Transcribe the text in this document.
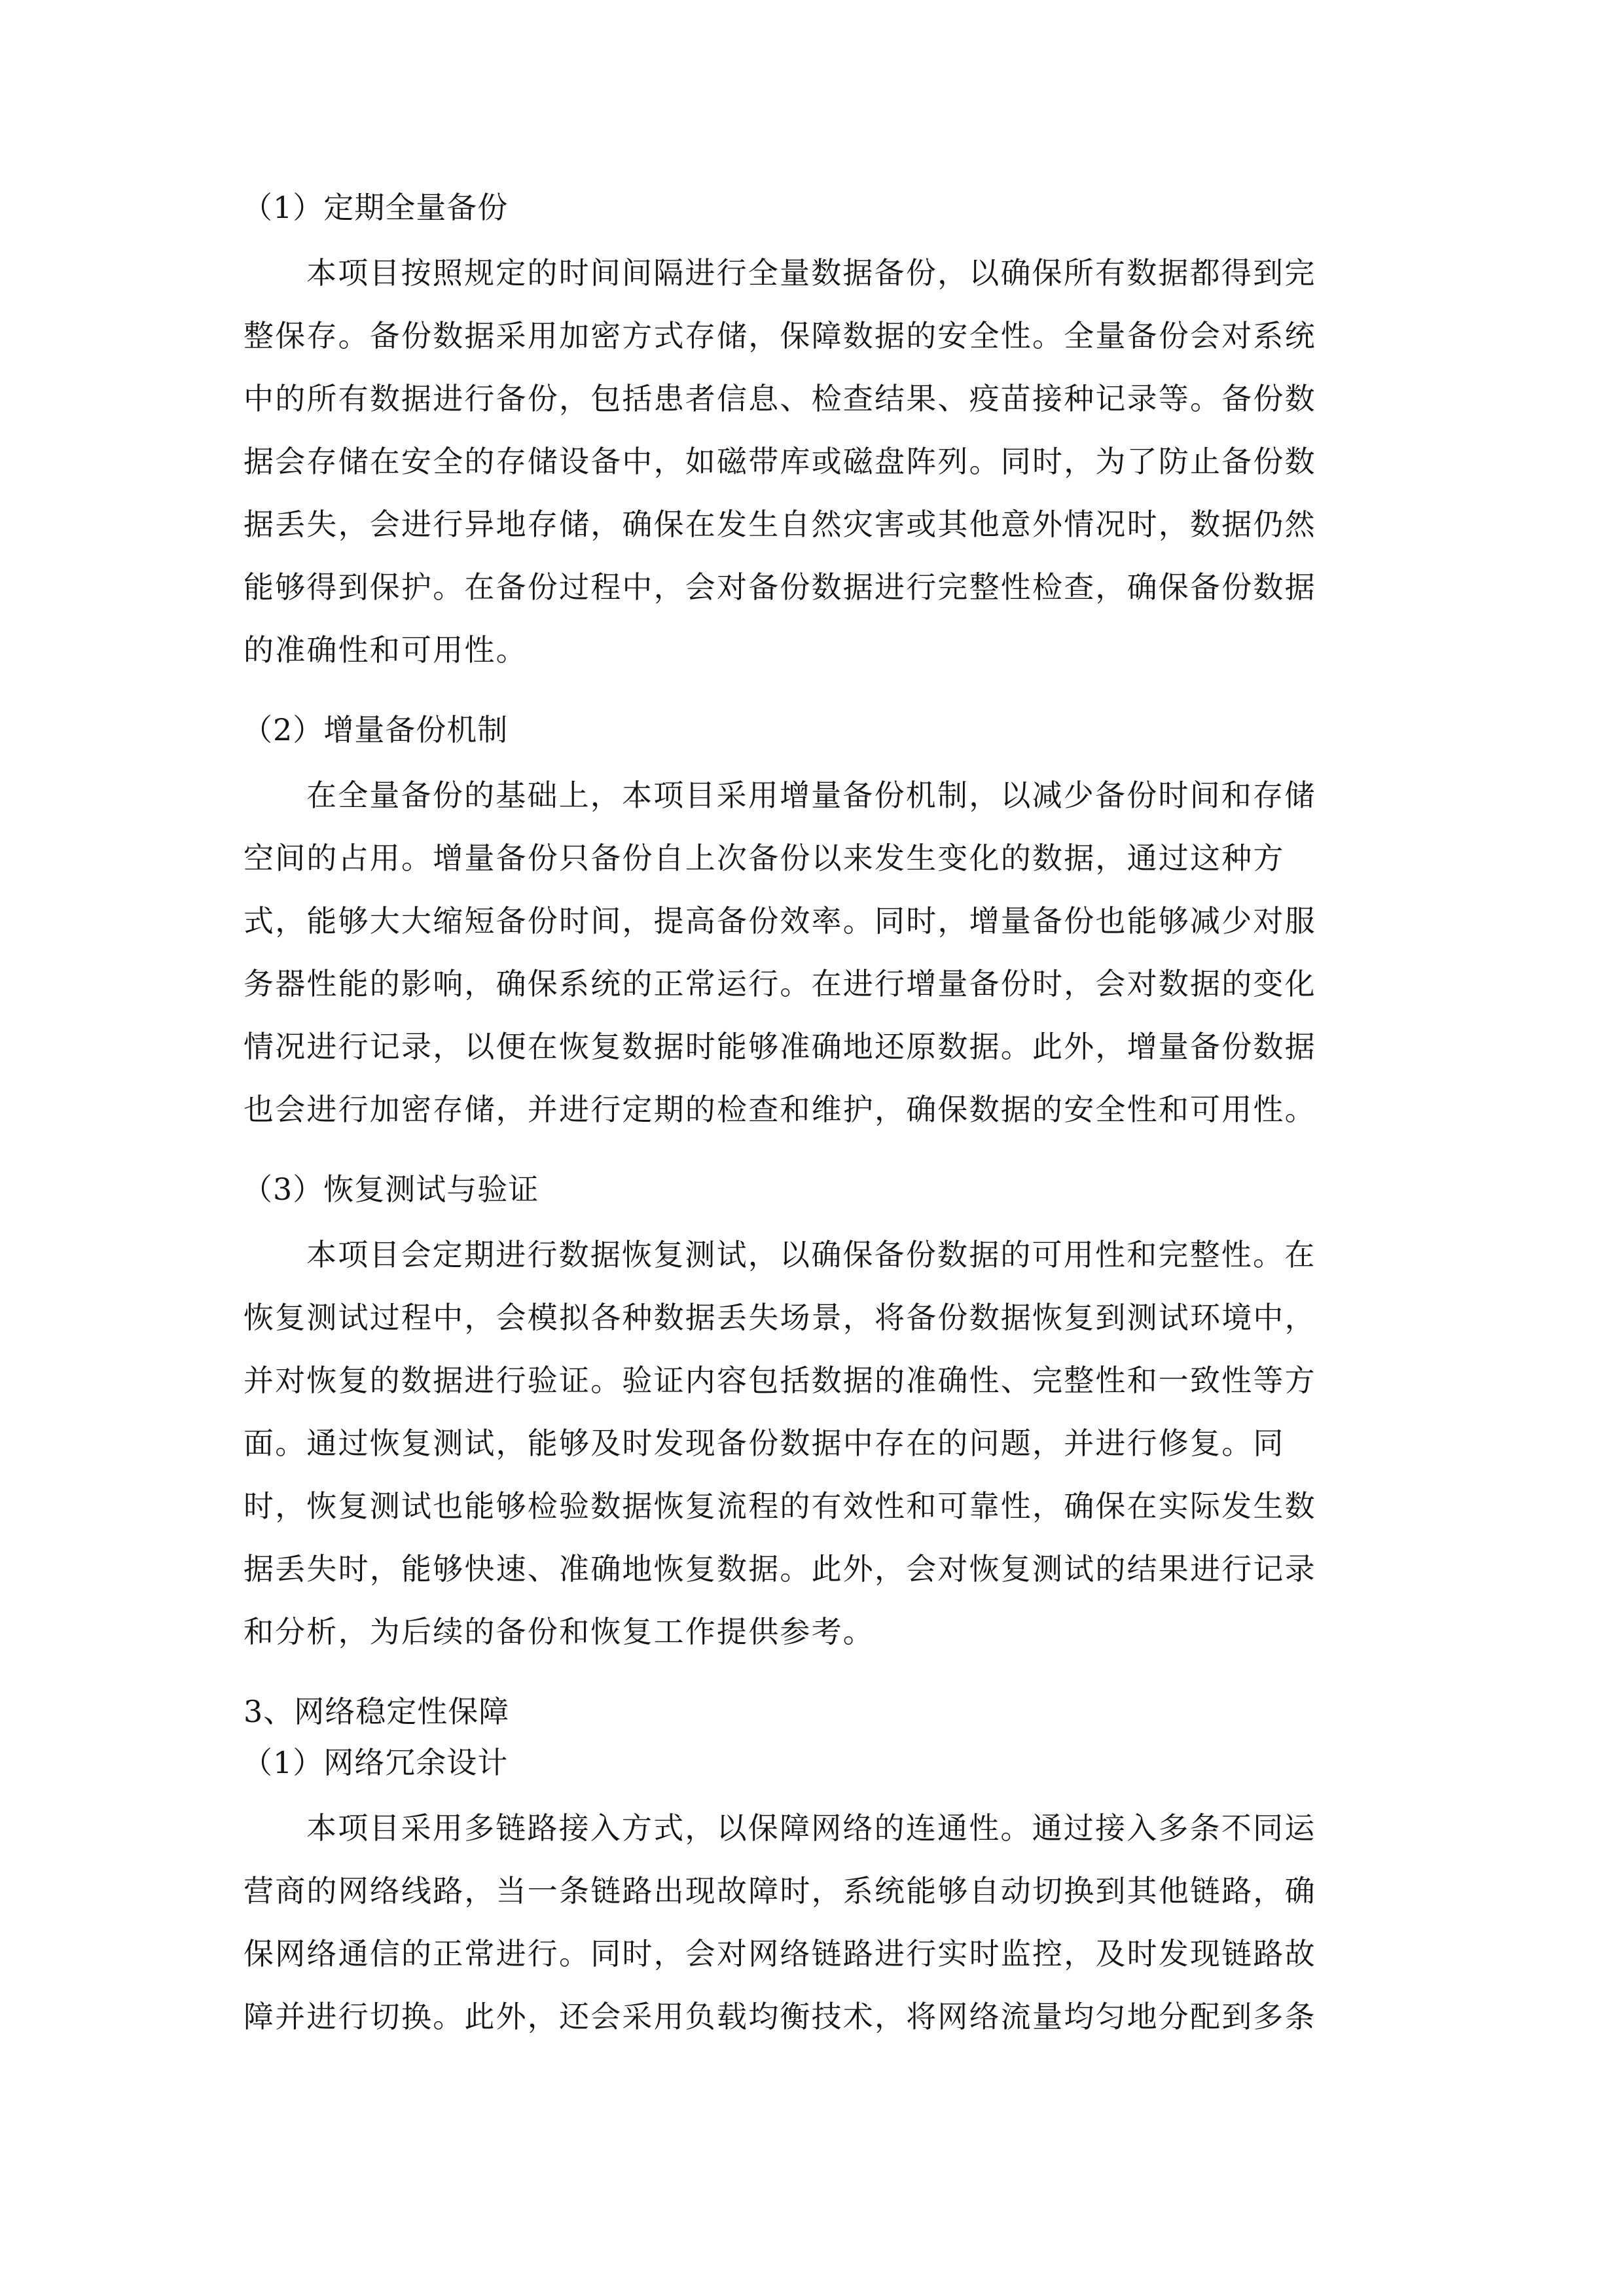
（1）定期全量备份
本项目按照规定的时间间隔进行全量数据备份，以确保所有数据都得到完
整保存。备份数据采用加密方式存储，保障数据的安全性。全量备份会对系统
中的所有数据进行备份，包括患者信息、检查结果、疫苗接种记录等。备份数
据会存储在安全的存储设备中，如磁带库或磁盘阵列。同时，为了防止备份数
据丢失，会进行异地存储，确保在发生自然灾害或其他意外情况时，数据仍然
能够得到保护。在备份过程中，会对备份数据进行完整性检查，确保备份数据
的准确性和可用性。
（2）增量备份机制
在全量备份的基础上，本项目采用增量备份机制，以减少备份时间和存储
空间的占用。增量备份只备份自上次备份以来发生变化的数据，通过这种方
式，能够大大缩短备份时间，提高备份效率。同时，增量备份也能够减少对服
务器性能的影响，确保系统的正常运行。在进行增量备份时，会对数据的变化
情况进行记录，以便在恢复数据时能够准确地还原数据。此外，增量备份数据
也会进行加密存储，并进行定期的检查和维护，确保数据的安全性和可用性。
（3）恢复测试与验证
本项目会定期进行数据恢复测试，以确保备份数据的可用性和完整性。在
恢复测试过程中，会模拟各种数据丢失场景，将备份数据恢复到测试环境中，
并对恢复的数据进行验证。验证内容包括数据的准确性、完整性和一致性等方
面。通过恢复测试，能够及时发现备份数据中存在的问题，并进行修复。同
时，恢复测试也能够检验数据恢复流程的有效性和可靠性，确保在实际发生数
据丢失时，能够快速、准确地恢复数据。此外，会对恢复测试的结果进行记录
和分析，为后续的备份和恢复工作提供参考。
3、网络稳定性保障
（1）网络冗余设计
本项目采用多链路接入方式，以保障网络的连通性。通过接入多条不同运
营商的网络线路，当一条链路出现故障时，系统能够自动切换到其他链路，确
保网络通信的正常进行。同时，会对网络链路进行实时监控，及时发现链路故
障并进行切换。此外，还会采用负载均衡技术，将网络流量均匀地分配到多条
